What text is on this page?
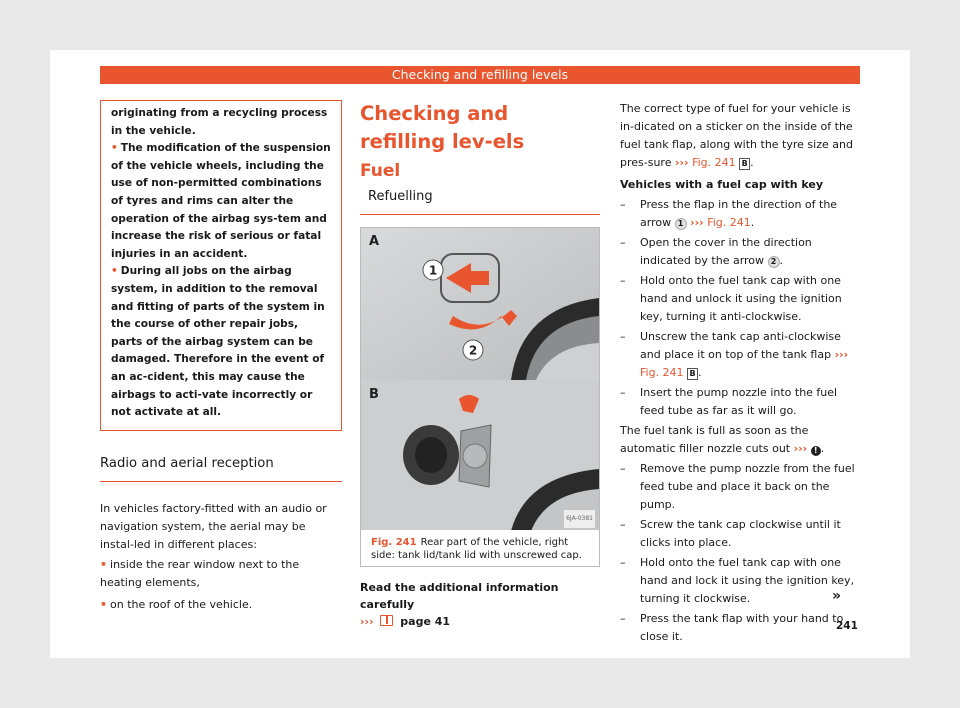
Checking and refilling levels
originating from a recycling process in the vehicle.
• The modification of the suspension of the vehicle wheels, including the use of non-permitted combinations of tyres and rims can alter the operation of the airbag sys-tem and increase the risk of serious or fatal injuries in an accident.
• During all jobs on the airbag system, in addition to the removal and fitting of parts of the system in the course of other repair jobs, parts of the airbag system can be damaged. Therefore in the event of an ac-cident, this may cause the airbags to acti-vate incorrectly or not activate at all.
Radio and aerial reception
In vehicles factory-fitted with an audio or navigation system, the aerial may be instal-led in different places:
• inside the rear window next to the heating elements,
• on the roof of the vehicle.
Checking and refilling lev-els
Fuel
Refuelling
1
2
A
B
6JA-0381
Fig. 241 Rear part of the vehicle, right side: tank lid/tank lid with unscrewed cap.
Read the additional information carefully
››› page 41
The correct type of fuel for your vehicle is in-dicated on a sticker on the inside of the fuel tank flap, along with the tyre size and pres-sure ››› Fig. 241 B .
Vehicles with a fuel cap with key
– Press the flap in the direction of the arrow 1 ››› Fig. 241.
– Open the cover in the direction indicated by the arrow 2 .
– Hold onto the fuel tank cap with one hand and unlock it using the ignition key, turning it anti-clockwise.
– Unscrew the tank cap anti-clockwise and place it on top of the tank flap ››› Fig. 241 B .
– Insert the pump nozzle into the fuel feed tube as far as it will go.
The fuel tank is full as soon as the automatic filler nozzle cuts out ››› ! .
– Remove the pump nozzle from the fuel feed tube and place it back on the pump.
– Screw the tank cap clockwise until it clicks into place.
– Hold onto the fuel tank cap with one hand and lock it using the ignition key, turning it clockwise.
– Press the tank flap with your hand to close it.
»
241
